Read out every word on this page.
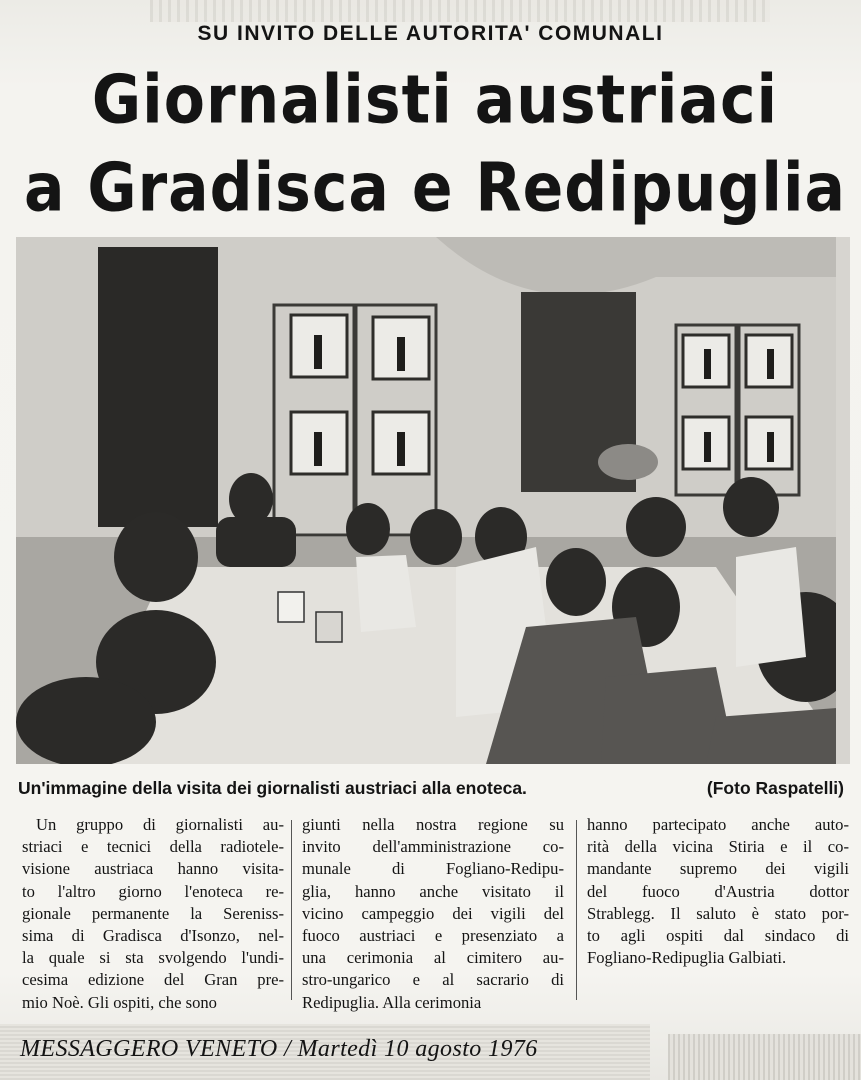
SU INVITO DELLE AUTORITA' COMUNALI
Giornalisti austriaci
a Gradisca e Redipuglia
Un'immagine della visita dei giornalisti austriaci alla enoteca.	(Foto Raspatelli)
Un gruppo di giornalisti au-
striaci e tecnici della radiotele-
visione austriaca hanno visita-
to l'altro giorno l'enoteca re-
gionale permanente la Sereniss-
sima di Gradisca d'Isonzo, nel-
la quale si sta svolgendo l'undi-
cesima edizione del Gran pre-
mio Noè. Gli ospiti, che sono
giunti nella nostra regione su
invito dell'amministrazione co-
munale di Fogliano-Redipu-
glia, hanno anche visitato il
vicino campeggio dei vigili del
fuoco austriaci e presenziato a
una cerimonia al cimitero au-
stro-ungarico e al sacrario di
Redipuglia. Alla cerimonia
hanno partecipato anche auto-
rità della vicina Stiria e il co-
mandante supremo dei vigili
del fuoco d'Austria dottor
Strablegg. Il saluto è stato por-
to agli ospiti dal sindaco di
Fogliano-Redipuglia Galbiati.
MESSAGGERO VENETO / Martedì 10 agosto 1976
